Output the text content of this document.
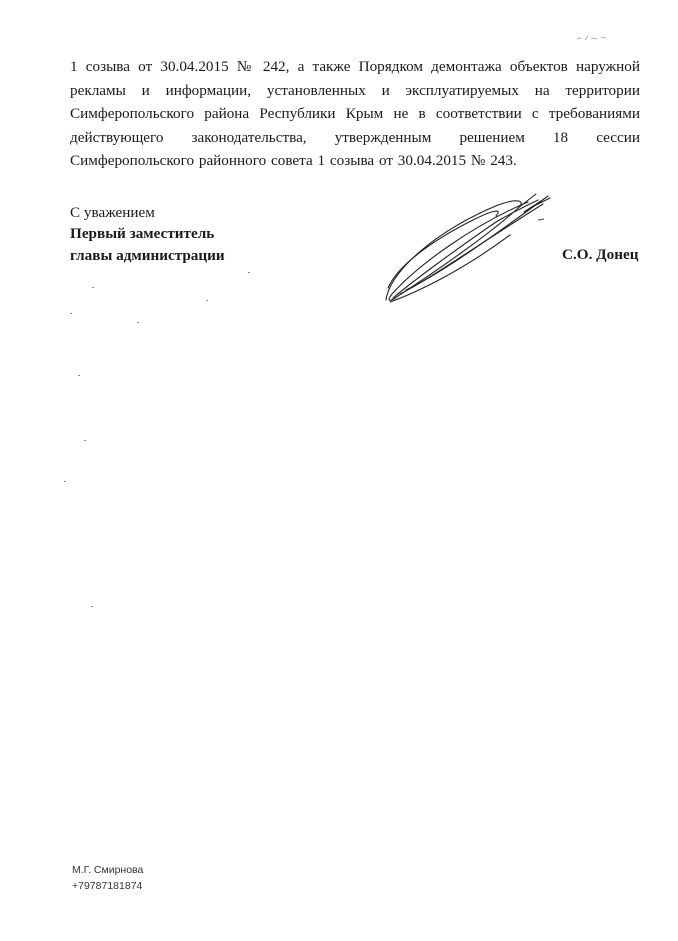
1 созыва от 30.04.2015 № 242, а также Порядком демонтажа объектов наружной рекламы и информации, установленных и эксплуатируемых на территории Симферопольского района Республики Крым не в соответствии с требованиями действующего законодательства, утвержденным решением 18 сессии Симферопольского районного совета 1 созыва от 30.04.2015 № 243.
С уважением
Первый заместитель
главы администрации	С.О. Донец
М.Г. Смирнова
+79787181874
